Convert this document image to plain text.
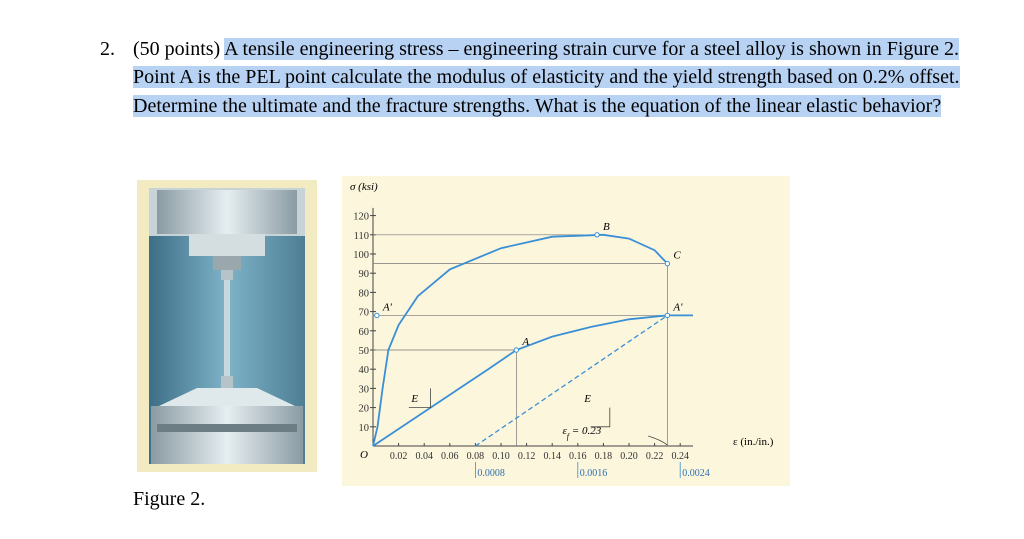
2. (50 points) A tensile engineering stress – engineering strain curve for a steel alloy is shown in Figure 2. Point A is the PEL point calculate the modulus of elasticity and the yield strength based on 0.2% offset. Determine the ultimate and the fracture strengths. What is the equation of the linear elastic behavior?
σ (ksi)
ε (in./in.)
O
10
20
30
40
50
60
70
80
90
100
110
120
0.02 0.04 0.06 0.08 0.10 0.12 0.14 0.16 0.18 0.20 0.22 0.24
0.0008	0.0016	0.0024
E	E
B
C
A'
A
A'
$\varepsilon_f = 0.23$
Figure 2.
